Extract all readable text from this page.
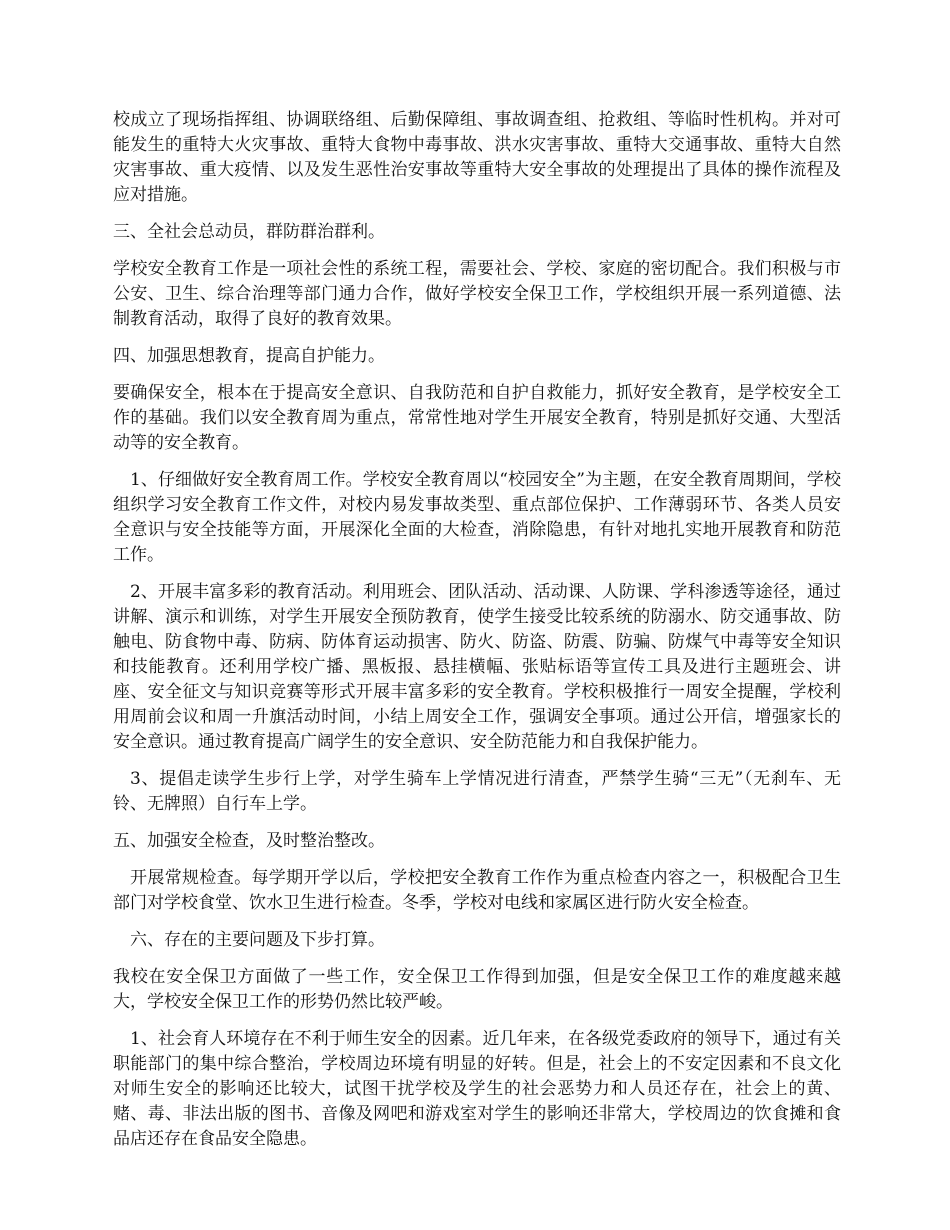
校成立了现场指挥组、协调联络组、后勤保障组、事故调查组、抢救组、等临时性机构。并对可能发生的重特大火灾事故、重特大食物中毒事故、洪水灾害事故、重特大交通事故、重特大自然灾害事故、重大疫情、以及发生恶性治安事故等重特大安全事故的处理提出了具体的操作流程及应对措施。

三、全社会总动员，群防群治群利。

学校安全教育工作是一项社会性的系统工程，需要社会、学校、家庭的密切配合。我们积极与市公安、卫生、综合治理等部门通力合作，做好学校安全保卫工作，学校组织开展一系列道德、法制教育活动，取得了良好的教育效果。

四、加强思想教育，提高自护能力。

要确保安全，根本在于提高安全意识、自我防范和自护自救能力，抓好安全教育，是学校安全工作的基础。我们以安全教育周为重点，常常性地对学生开展安全教育，特别是抓好交通、大型活动等的安全教育。

1、仔细做好安全教育周工作。学校安全教育周以“校园安全”为主题，在安全教育周期间，学校组织学习安全教育工作文件，对校内易发事故类型、重点部位保护、工作薄弱环节、各类人员安全意识与安全技能等方面，开展深化全面的大检查，消除隐患，有针对地扎实地开展教育和防范工作。

2、开展丰富多彩的教育活动。利用班会、团队活动、活动课、人防课、学科渗透等途径，通过讲解、演示和训练，对学生开展安全预防教育，使学生接受比较系统的防溺水、防交通事故、防触电、防食物中毒、防病、防体育运动损害、防火、防盗、防震、防骗、防煤气中毒等安全知识和技能教育。还利用学校广播、黑板报、悬挂横幅、张贴标语等宣传工具及进行主题班会、讲座、安全征文与知识竞赛等形式开展丰富多彩的安全教育。学校积极推行一周安全提醒，学校利用周前会议和周一升旗活动时间，小结上周安全工作，强调安全事项。通过公开信，增强家长的安全意识。通过教育提高广阔学生的安全意识、安全防范能力和自我保护能力。

3、提倡走读学生步行上学，对学生骑车上学情况进行清查，严禁学生骑“三无”（无刹车、无铃、无牌照）自行车上学。

五、加强安全检查，及时整治整改。

开展常规检查。每学期开学以后，学校把安全教育工作作为重点检查内容之一，积极配合卫生部门对学校食堂、饮水卫生进行检查。冬季，学校对电线和家属区进行防火安全检查。

六、存在的主要问题及下步打算。

我校在安全保卫方面做了一些工作，安全保卫工作得到加强，但是安全保卫工作的难度越来越大，学校安全保卫工作的形势仍然比较严峻。

1、社会育人环境存在不利于师生安全的因素。近几年来，在各级党委政府的领导下，通过有关职能部门的集中综合整治，学校周边环境有明显的好转。但是，社会上的不安定因素和不良文化对师生安全的影响还比较大，试图干扰学校及学生的社会恶势力和人员还存在，社会上的黄、赌、毒、非法出版的图书、音像及网吧和游戏室对学生的影响还非常大，学校周边的饮食摊和食品店还存在食品安全隐患。
